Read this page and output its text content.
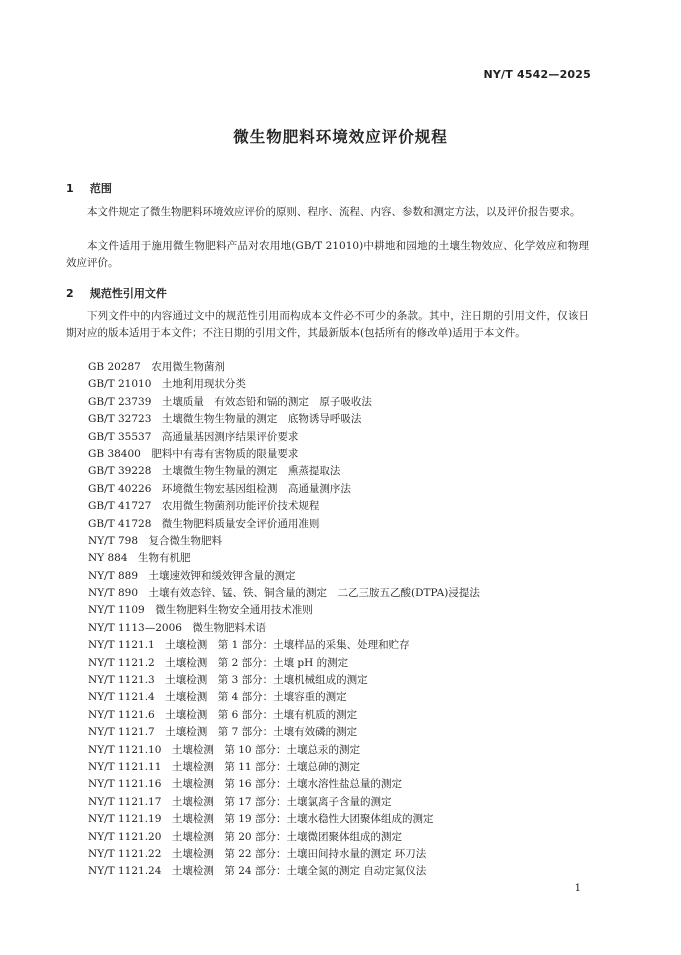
NY/T 4542—2025
微生物肥料环境效应评价规程
1 范围

本文件规定了微生物肥料环境效应评价的原则、程序、流程、内容、参数和测定方法，以及评价报告要求。

本文件适用于施用微生物肥料产品对农用地(GB/T 21010)中耕地和园地的土壤生物效应、化学效应和物理效应评价。

2 规范性引用文件

下列文件中的内容通过文中的规范性引用而构成本文件必不可少的条款。其中，注日期的引用文件，仅该日期对应的版本适用于本文件；不注日期的引用文件，其最新版本(包括所有的修改单)适用于本文件。

GB 20287　农用微生物菌剂
GB/T 21010　土地利用现状分类
GB/T 23739　土壤质量　有效态铅和镉的测定　原子吸收法
GB/T 32723　土壤微生物生物量的测定　底物诱导呼吸法
GB/T 35537　高通量基因测序结果评价要求
GB 38400　肥料中有毒有害物质的限量要求
GB/T 39228　土壤微生物生物量的测定　熏蒸提取法
GB/T 40226　环境微生物宏基因组检测　高通量测序法
GB/T 41727　农用微生物菌剂功能评价技术规程
GB/T 41728　微生物肥料质量安全评价通用准则
NY/T 798　复合微生物肥料
NY 884　生物有机肥
NY/T 889　土壤速效钾和缓效钾含量的测定
NY/T 890　土壤有效态锌、锰、铁、铜含量的测定　二乙三胺五乙酸(DTPA)浸提法
NY/T 1109　微生物肥料生物安全通用技术准则
NY/T 1113—2006　微生物肥料术语
NY/T 1121.1　土壤检测　第 1 部分：土壤样品的采集、处理和贮存
NY/T 1121.2　土壤检测　第 2 部分：土壤 pH 的测定
NY/T 1121.3　土壤检测　第 3 部分：土壤机械组成的测定
NY/T 1121.4　土壤检测　第 4 部分：土壤容重的测定
NY/T 1121.6　土壤检测　第 6 部分：土壤有机质的测定
NY/T 1121.7　土壤检测　第 7 部分：土壤有效磷的测定
NY/T 1121.10　土壤检测　第 10 部分：土壤总汞的测定
NY/T 1121.11　土壤检测　第 11 部分：土壤总砷的测定
NY/T 1121.16　土壤检测　第 16 部分：土壤水溶性盐总量的测定
NY/T 1121.17　土壤检测　第 17 部分：土壤氯离子含量的测定
NY/T 1121.19　土壤检测　第 19 部分：土壤水稳性大团聚体组成的测定
NY/T 1121.20　土壤检测　第 20 部分：土壤微团聚体组成的测定
NY/T 1121.22　土壤检测　第 22 部分：土壤田间持水量的测定 环刀法
NY/T 1121.24　土壤检测　第 24 部分：土壤全氮的测定 自动定氮仪法
1
